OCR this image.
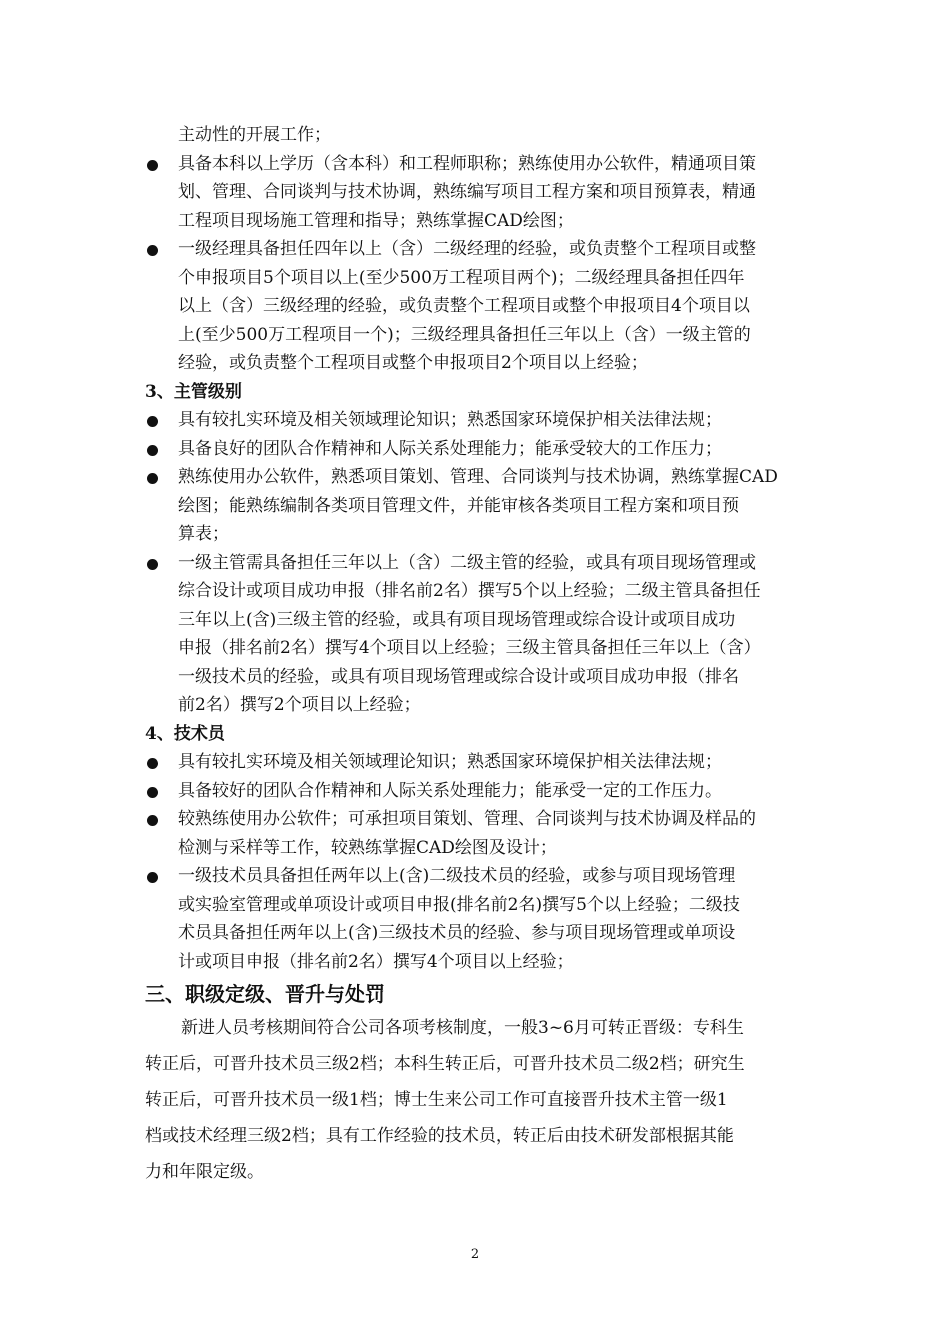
主动性的开展工作；
具备本科以上学历（含本科）和工程师职称；熟练使用办公软件，精通项目策
划、管理、合同谈判与技术协调，熟练编写项目工程方案和项目预算表，精通
工程项目现场施工管理和指导；熟练掌握CAD绘图；
一级经理具备担任四年以上（含）二级经理的经验，或负责整个工程项目或整
个申报项目5个项目以上(至少500万工程项目两个)；二级经理具备担任四年
以上（含）三级经理的经验，或负责整个工程项目或整个申报项目4个项目以
上(至少500万工程项目一个)；三级经理具备担任三年以上（含）一级主管的
经验，或负责整个工程项目或整个申报项目2个项目以上经验；
3、主管级别
具有较扎实环境及相关领域理论知识；熟悉国家环境保护相关法律法规；
具备良好的团队合作精神和人际关系处理能力；能承受较大的工作压力；
熟练使用办公软件，熟悉项目策划、管理、合同谈判与技术协调，熟练掌握CAD
绘图；能熟练编制各类项目管理文件，并能审核各类项目工程方案和项目预
算表；
一级主管需具备担任三年以上（含）二级主管的经验，或具有项目现场管理或
综合设计或项目成功申报（排名前2名）撰写5个以上经验；二级主管具备担任
三年以上(含)三级主管的经验，或具有项目现场管理或综合设计或项目成功
申报（排名前2名）撰写4个项目以上经验；三级主管具备担任三年以上（含）
一级技术员的经验，或具有项目现场管理或综合设计或项目成功申报（排名
前2名）撰写2个项目以上经验；
4、技术员
具有较扎实环境及相关领域理论知识；熟悉国家环境保护相关法律法规；
具备较好的团队合作精神和人际关系处理能力；能承受一定的工作压力。
较熟练使用办公软件；可承担项目策划、管理、合同谈判与技术协调及样品的
检测与采样等工作，较熟练掌握CAD绘图及设计；
一级技术员具备担任两年以上(含)二级技术员的经验，或参与项目现场管理
或实验室管理或单项设计或项目申报(排名前2名)撰写5个以上经验；二级技
术员具备担任两年以上(含)三级技术员的经验、参与项目现场管理或单项设
计或项目申报（排名前2名）撰写4个项目以上经验；
三、职级定级、晋升与处罚
新进人员考核期间符合公司各项考核制度，一般3~6月可转正晋级：专科生
转正后，可晋升技术员三级2档；本科生转正后，可晋升技术员二级2档；研究生
转正后，可晋升技术员一级1档；博士生来公司工作可直接晋升技术主管一级1
档或技术经理三级2档；具有工作经验的技术员，转正后由技术研发部根据其能
力和年限定级。
2
